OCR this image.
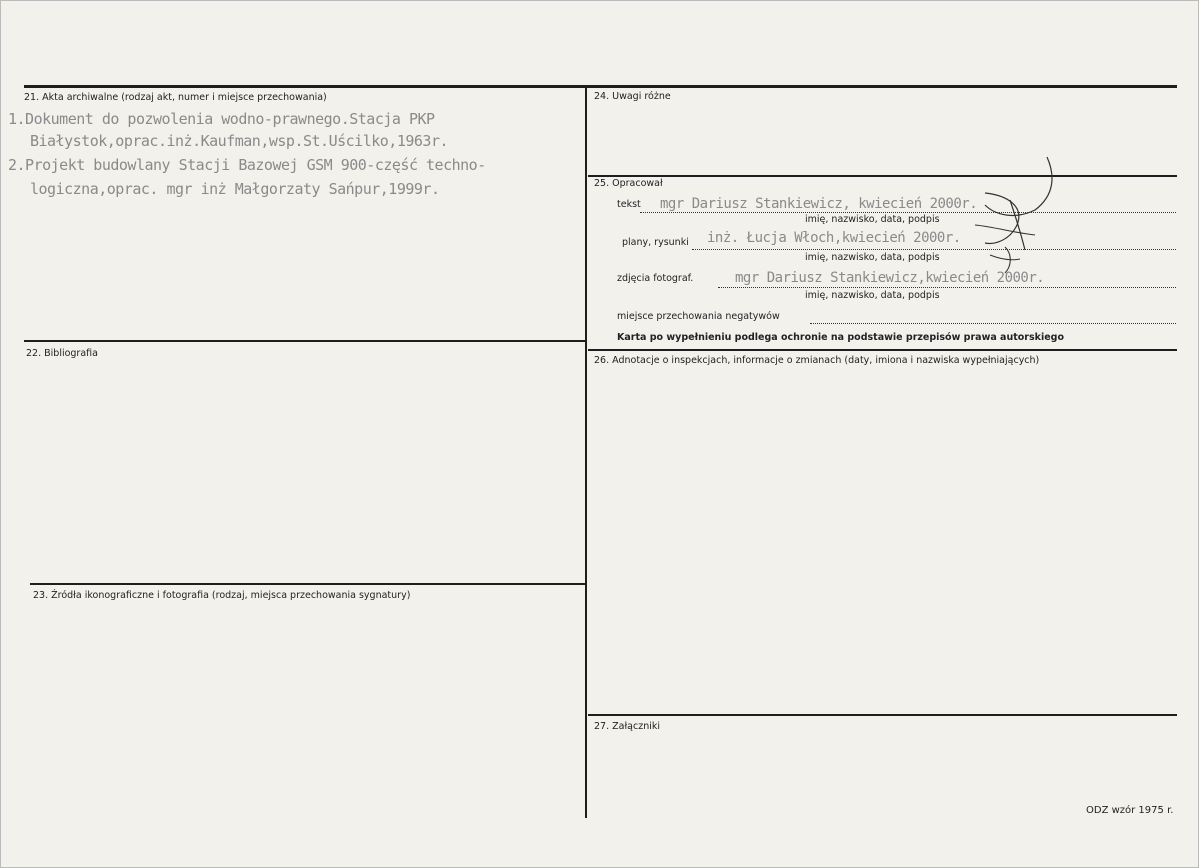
21. Akta archiwalne (rodzaj akt, numer i miejsce przechowania)
1.Dokument do pozwolenia wodno-prawnego.Stacja PKP
Białystok,oprac.inż.Kaufman,wsp.St.Uścilko,1963r.
2.Projekt budowlany Stacji Bazowej GSM 900-część techno-
logiczna,oprac. mgr inż Małgorzaty Sańpur,1999r.
22. Bibliografia
23. Źródła ikonograficzne i fotografia (rodzaj, miejsca przechowania sygnatury)
24. Uwagi różne
25. Opracował
tekst mgr Dariusz Stankiewicz, kwiecień 2000r.
imię, nazwisko, data, podpis
plany, rysunki inż. Łucja Włoch,kwiecień 2000r.
imię, nazwisko, data, podpis
zdjęcia fotograf.	mgr Dariusz Stankiewicz,kwiecień 2000r.
imię, nazwisko, data, podpis
miejsce przechowania negatywów
Karta po wypełnieniu podlega ochronie na podstawie przepisów prawa autorskiego
26. Adnotacje o inspekcjach, informacje o zmianach (daty, imiona i nazwiska wypełniających)
27. Załączniki
ODZ wzór 1975 r.
